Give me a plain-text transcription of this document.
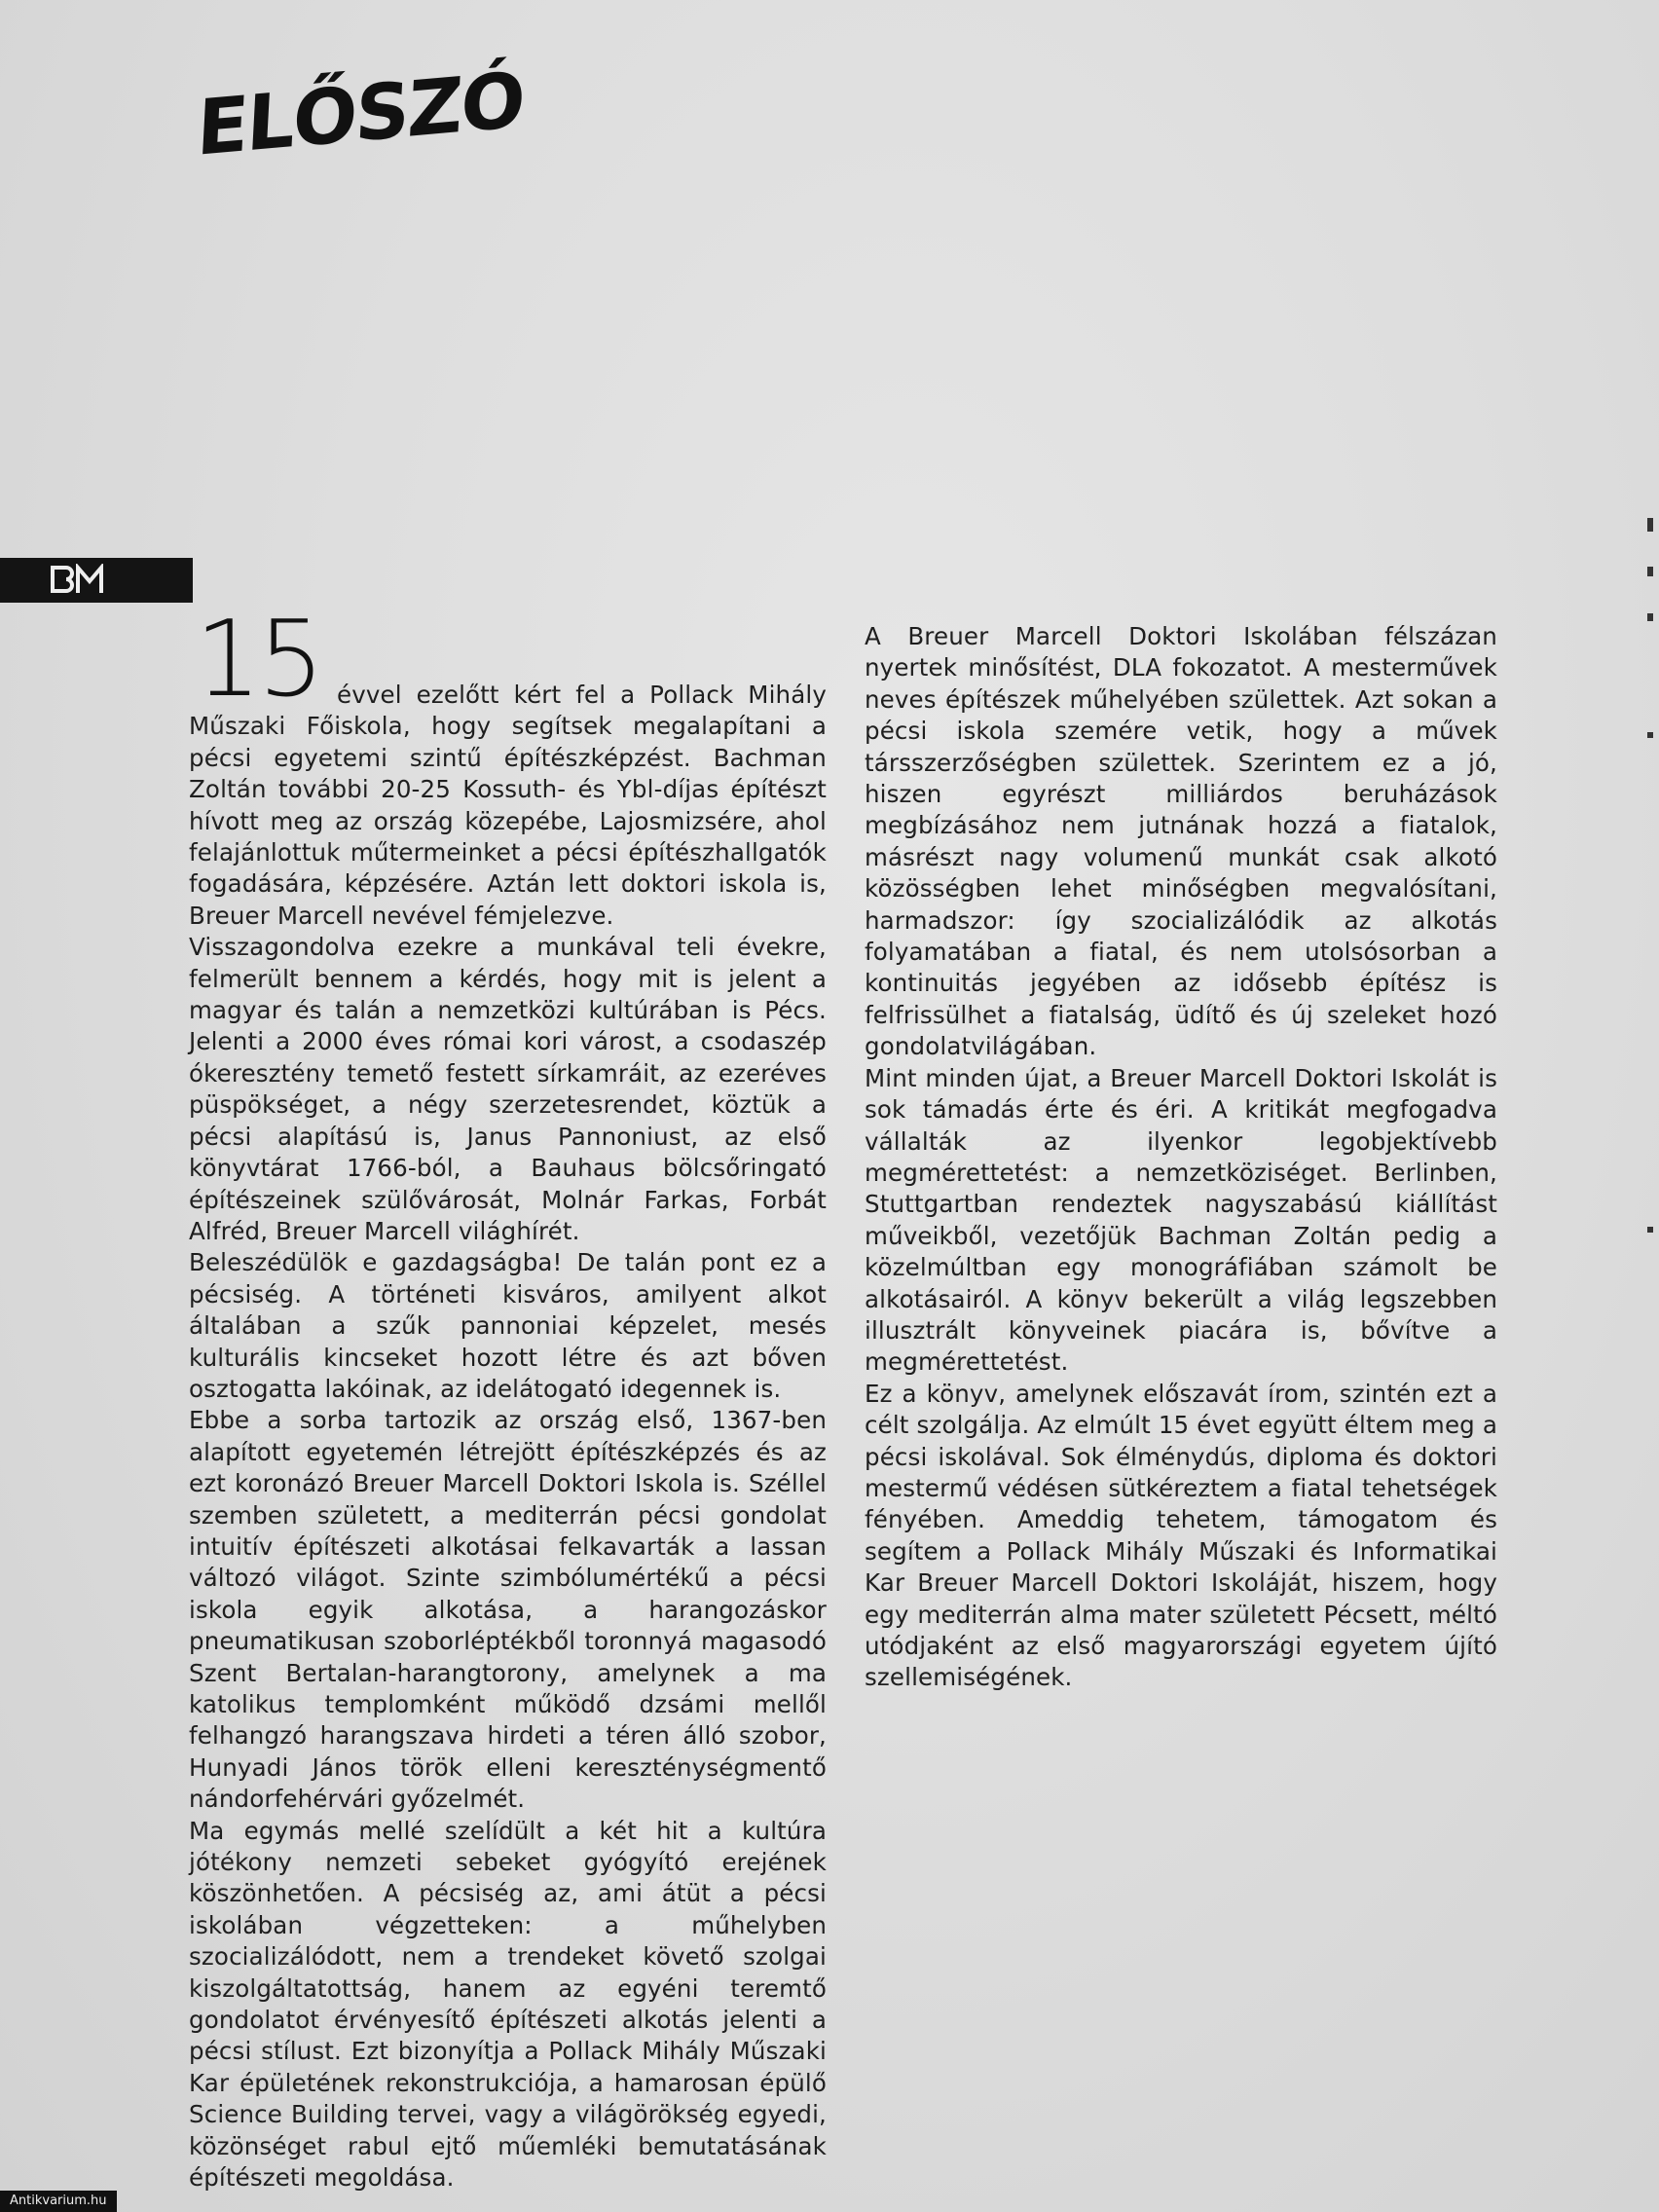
ELŐSZÓ
15 évvel ezelőtt kért fel a Pollack Mihály Műszaki Főiskola, hogy segítsek megalapítani a pécsi egyetemi szintű építészképzést. Bachman Zoltán további 20-25 Kossuth- és Ybl-díjas építészt hívott meg az ország közepébe, Lajosmizsére, ahol felajánlottuk műtermeinket a pécsi építészhallgatók fogadására, képzésére. Aztán lett doktori iskola is, Breuer Marcell nevével fémjelezve.

Visszagondolva ezekre a munkával teli évekre, felmerült bennem a kérdés, hogy mit is jelent a magyar és talán a nemzetközi kultúrában is Pécs. Jelenti a 2000 éves római kori várost, a csodaszép ókeresztény temető festett sírkamráit, az ezeréves püspökséget, a négy szerzetesrendet, köztük a pécsi alapítású is, Janus Pannoniust, az első könyvtárat 1766-ból, a Bauhaus bölcsőringató építészeinek szülővárosát, Molnár Farkas, Forbát Alfréd, Breuer Marcell világhírét.

Beleszédülök e gazdagságba! De talán pont ez a pécsiség. A történeti kisváros, amilyent alkot általában a szűk pannoniai képzelet, mesés kulturális kincseket hozott létre és azt bőven osztogatta lakóinak, az idelátogató idegennek is.

Ebbe a sorba tartozik az ország első, 1367-ben alapított egyetemén létrejött építészképzés és az ezt koronázó Breuer Marcell Doktori Iskola is. Széllel szemben született, a mediterrán pécsi gondolat intuitív építészeti alkotásai felkavarták a lassan változó világot. Szinte szimbólumértékű a pécsi iskola egyik alkotása, a harangozáskor pneumatikusan szoborléptékből toronnyá magasodó Szent Bertalan-harangtorony, amelynek a ma katolikus templomként működő dzsámi mellől felhangzó harangszava hirdeti a téren álló szobor, Hunyadi János török elleni kereszténységmentő nándorfehérvári győzelmét.

Ma egymás mellé szelídült a két hit a kultúra jótékony nemzeti sebeket gyógyító erejének köszönhetően. A pécsiség az, ami átüt a pécsi iskolában végzetteken: a műhelyben szocializálódott, nem a trendeket követő szolgai kiszolgáltatottság, hanem az egyéni teremtő gondolatot érvényesítő építészeti alkotás jelenti a pécsi stílust. Ezt bizonyítja a Pollack Mihály Műszaki Kar épületének rekonstrukciója, a hamarosan épülő Science Building tervei, vagy a világörökség egyedi, közönséget rabul ejtő műemléki bemutatásának építészeti megoldása.

A Breuer Marcell Doktori Iskolában félszázan nyertek minősítést, DLA fokozatot. A mesterművek neves építészek műhelyében születtek. Azt sokan a pécsi iskola szemére vetik, hogy a művek társszerzőségben születtek. Szerintem ez a jó, hiszen egyrészt milliárdos beruházások megbízásához nem jutnának hozzá a fiatalok, másrészt nagy volumenű munkát csak alkotó közösségben lehet minőségben megvalósítani, harmadszor: így szocializálódik az alkotás folyamatában a fiatal, és nem utolsósorban a kontinuitás jegyében az idősebb építész is felfrissülhet a fiatalság, üdítő és új szeleket hozó gondolatvilágában.

Mint minden újat, a Breuer Marcell Doktori Iskolát is sok támadás érte és éri. A kritikát megfogadva vállalták az ilyenkor legobjektívebb megmérettetést: a nemzetköziséget. Berlinben, Stuttgartban rendeztek nagyszabású kiállítást műveikből, vezetőjük Bachman Zoltán pedig a közelmúltban egy monográfiában számolt be alkotásairól. A könyv bekerült a világ legszebben illusztrált könyveinek piacára is, bővítve a megmérettetést.

Ez a könyv, amelynek előszavát írom, szintén ezt a célt szolgálja. Az elmúlt 15 évet együtt éltem meg a pécsi iskolával. Sok élménydús, diploma és doktori mestermű védésen sütkéreztem a fiatal tehetségek fényében. Ameddig tehetem, támogatom és segítem a Pollack Mihály Műszaki és Informatikai Kar Breuer Marcell Doktori Iskoláját, hiszem, hogy egy mediterrán alma mater született Pécsett, méltó utódjaként az első magyarországi egyetem újító szellemiségének.

Antikvarium.hu
